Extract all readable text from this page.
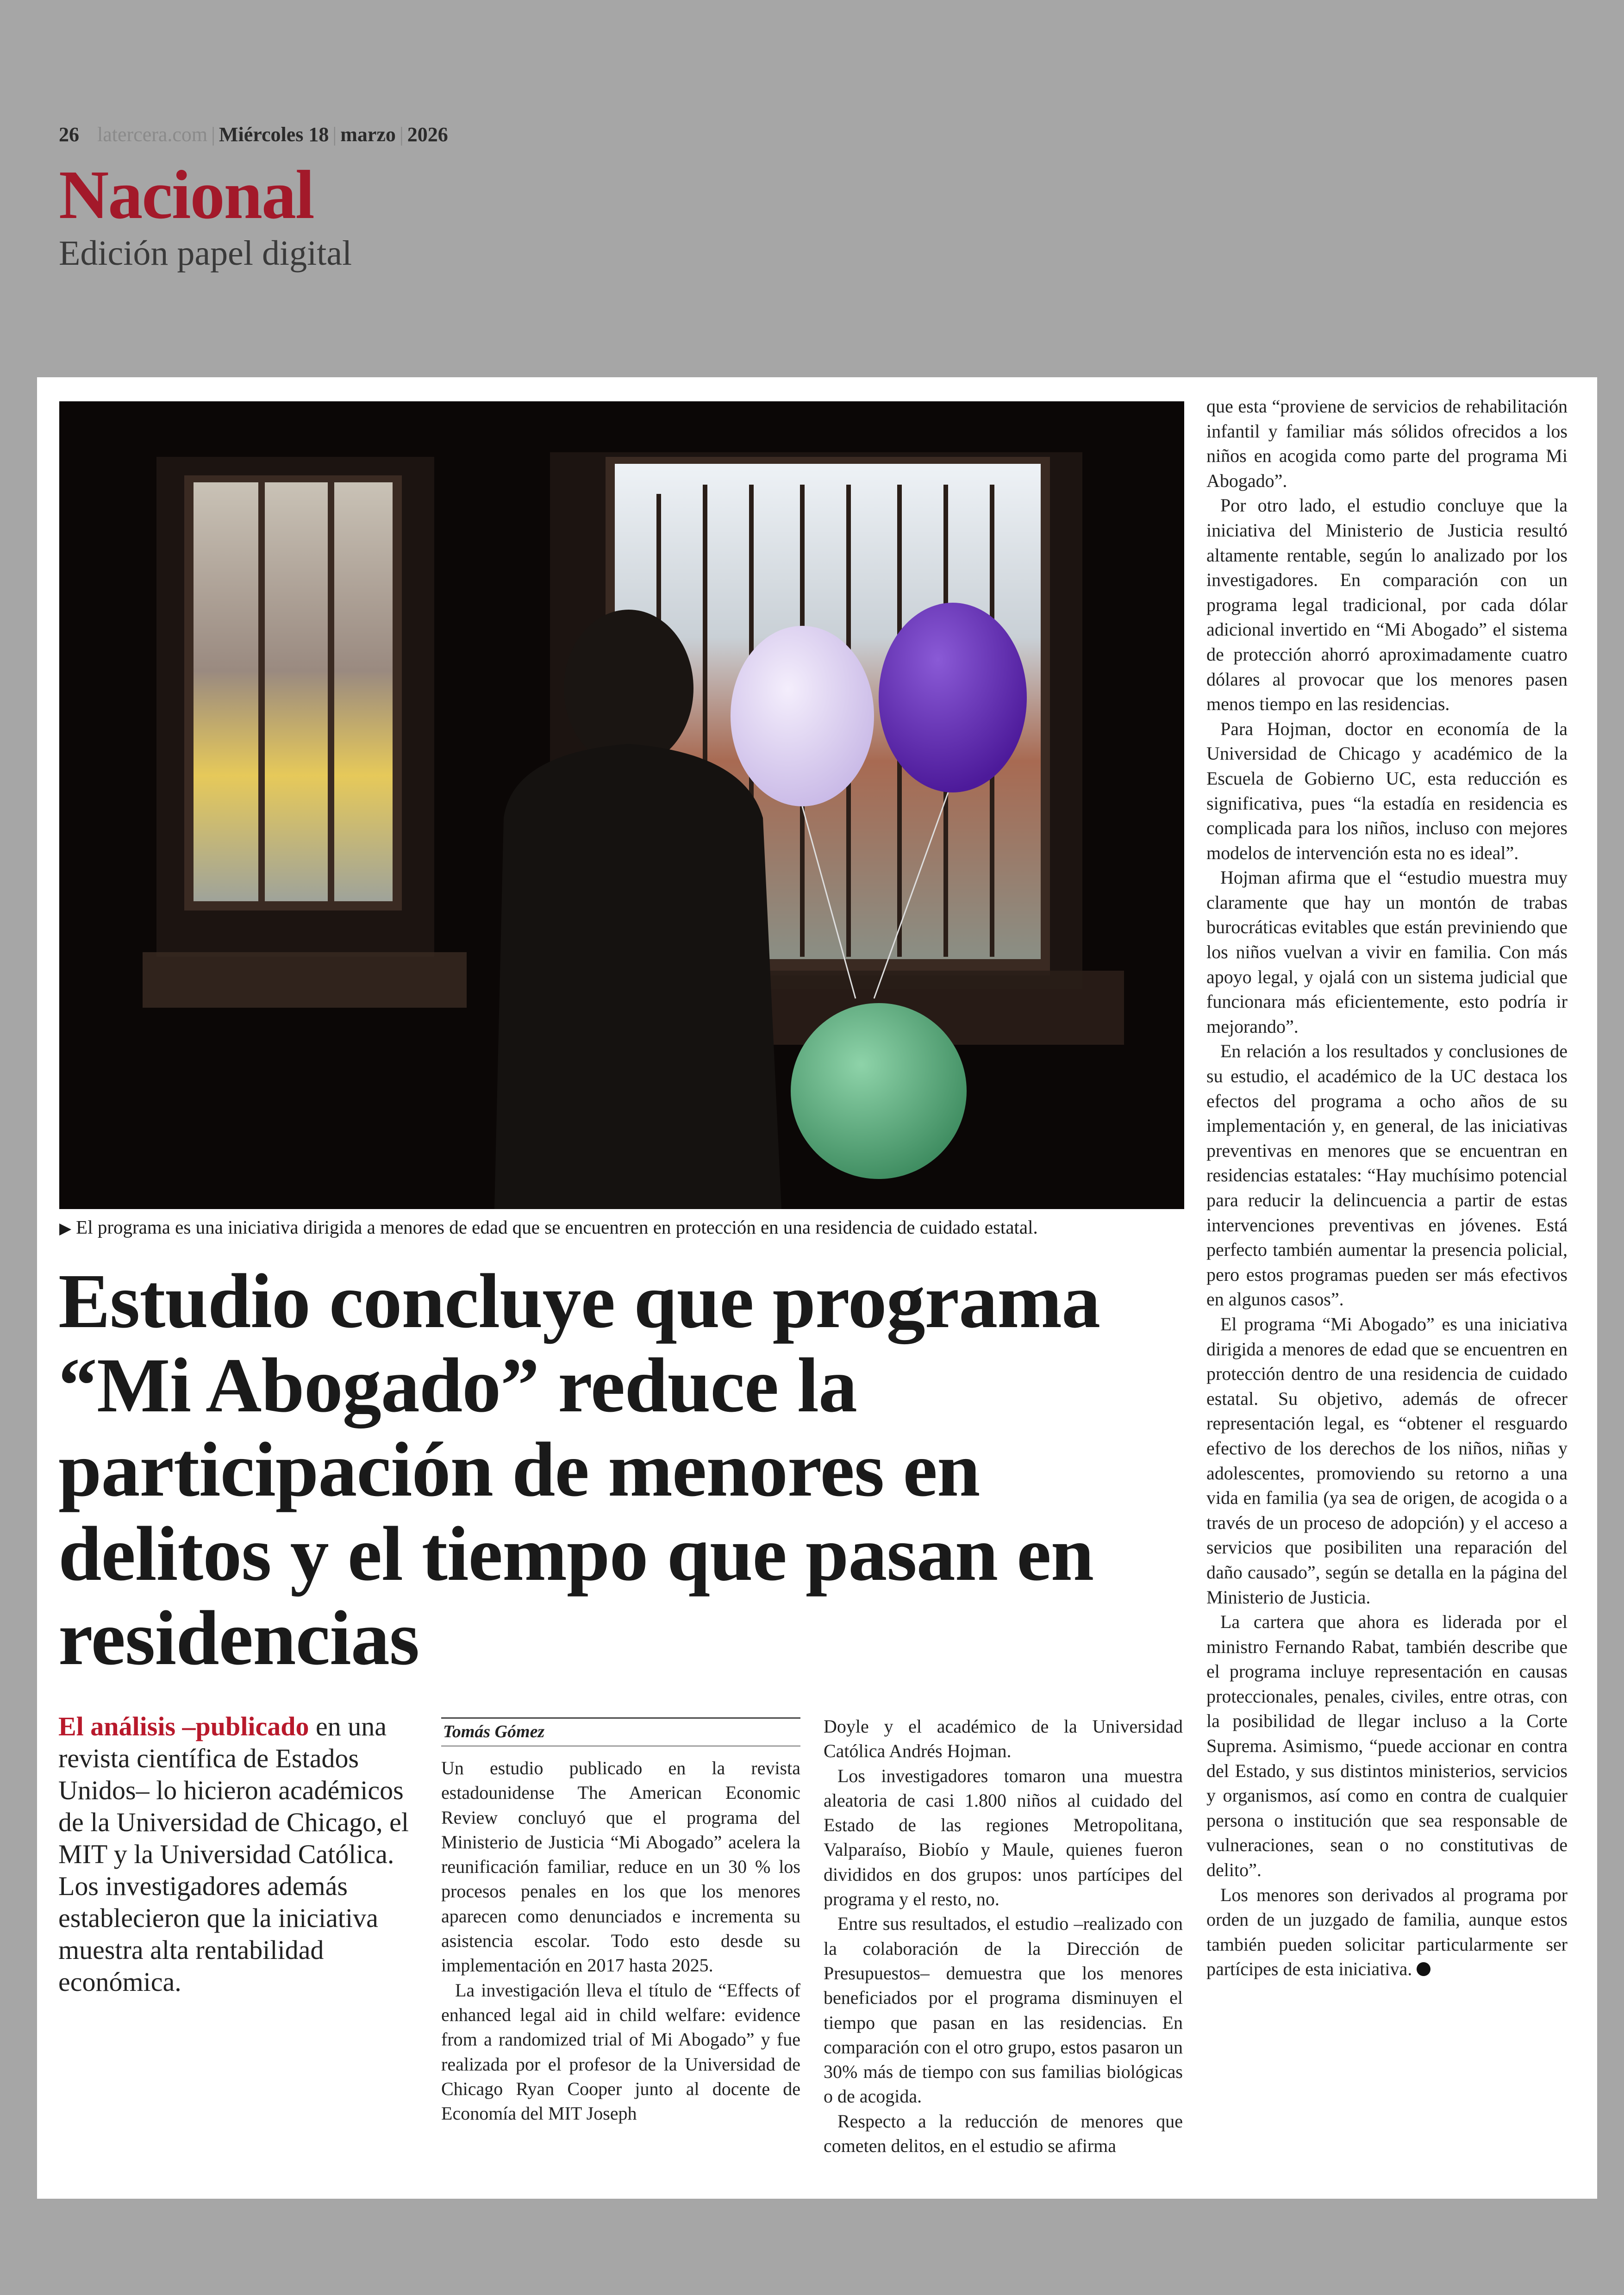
26 latercera.com | Miércoles 18 | marzo | 2026
Nacional
Edición papel digital
▶ El programa es una iniciativa dirigida a menores de edad que se encuentren en protección en una residencia de cuidado estatal.
Estudio concluye que programa “Mi Abogado” reduce la participación de menores en delitos y el tiempo que pasan en residencias
El análisis –publicado en una revista científica de Estados Unidos– lo hicieron académicos de la Universidad de Chicago, el MIT y la Universidad Católica. Los investigadores además establecieron que la iniciativa muestra alta rentabilidad económica.
Tomás Gómez

Un estudio publicado en la revista estadounidense The American Economic Review concluyó que el programa del Ministerio de Justicia “Mi Abogado” acelera la reunificación familiar, reduce en un 30 % los procesos penales en los que los menores aparecen como denunciados e incrementa su asistencia escolar. Todo esto desde su implementación en 2017 hasta 2025.

La investigación lleva el título de “Effects of enhanced legal aid in child welfare: evidence from a randomized trial of Mi Abogado” y fue realizada por el profesor de la Universidad de Chicago Ryan Cooper junto al docente de Economía del MIT Joseph

Doyle y el académico de la Universidad Católica Andrés Hojman.

Los investigadores tomaron una muestra aleatoria de casi 1.800 niños al cuidado del Estado de las regiones Metropolitana, Valparaíso, Biobío y Maule, quienes fueron divididos en dos grupos: unos partícipes del programa y el resto, no.

Entre sus resultados, el estudio –realizado con la colaboración de la Dirección de Presupuestos– demuestra que los menores beneficiados por el programa disminuyen el tiempo que pasan en las residencias. En comparación con el otro grupo, estos pasaron un 30% más de tiempo con sus familias biológicas o de acogida.

Respecto a la reducción de menores que cometen delitos, en el estudio se afirma

que esta “proviene de servicios de rehabilitación infantil y familiar más sólidos ofrecidos a los niños en acogida como parte del programa Mi Abogado”.

Por otro lado, el estudio concluye que la iniciativa del Ministerio de Justicia resultó altamente rentable, según lo analizado por los investigadores. En comparación con un programa legal tradicional, por cada dólar adicional invertido en “Mi Abogado” el sistema de protección ahorró aproximadamente cuatro dólares al provocar que los menores pasen menos tiempo en las residencias.

Para Hojman, doctor en economía de la Universidad de Chicago y académico de la Escuela de Gobierno UC, esta reducción es significativa, pues “la estadía en residencia es complicada para los niños, incluso con mejores modelos de intervención esta no es ideal”.

Hojman afirma que el “estudio muestra muy claramente que hay un montón de trabas burocráticas evitables que están previniendo que los niños vuelvan a vivir en familia. Con más apoyo legal, y ojalá con un sistema judicial que funcionara más eficientemente, esto podría ir mejorando”.

En relación a los resultados y conclusiones de su estudio, el académico de la UC destaca los efectos del programa a ocho años de su implementación y, en general, de las iniciativas preventivas en menores que se encuentran en residencias estatales: “Hay muchísimo potencial para reducir la delincuencia a partir de estas intervenciones preventivas en jóvenes. Está perfecto también aumentar la presencia policial, pero estos programas pueden ser más efectivos en algunos casos”.

El programa “Mi Abogado” es una iniciativa dirigida a menores de edad que se encuentren en protección dentro de una residencia de cuidado estatal. Su objetivo, además de ofrecer representación legal, es “obtener el resguardo efectivo de los derechos de los niños, niñas y adolescentes, promoviendo su retorno a una vida en familia (ya sea de origen, de acogida o a través de un proceso de adopción) y el acceso a servicios que posibiliten una reparación del daño causado”, según se detalla en la página del Ministerio de Justicia.

La cartera que ahora es liderada por el ministro Fernando Rabat, también describe que el programa incluye representación en causas proteccionales, penales, civiles, entre otras, con la posibilidad de llegar incluso a la Corte Suprema. Asimismo, “puede accionar en contra del Estado, y sus distintos ministerios, servicios y organismos, así como en contra de cualquier persona o institución que sea responsable de vulneraciones, sean o no constitutivas de delito”.

Los menores son derivados al programa por orden de un juzgado de familia, aunque estos también pueden solicitar particularmente ser partícipes de esta iniciativa.
